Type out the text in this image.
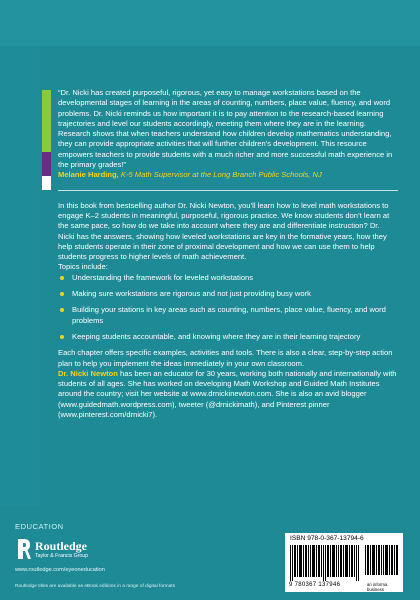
“Dr. Nicki has created purposeful, rigorous, yet easy to manage workstations based on the developmental stages of learning in the areas of counting, numbers, place value, fluency, and word problems. Dr. Nicki reminds us how important it is to pay attention to the research-based learning trajectories and level our students accordingly, meeting them where they are in the learning. Research shows that when teachers understand how children develop mathematics understanding, they can provide appropriate activities that will further children’s development. This resource empowers teachers to provide students with a much richer and more successful math experience in the primary grades!”

Melanie Harding, K-5 Math Supervisor at the Long Branch Public Schools, NJ

In this book from bestselling author Dr. Nicki Newton, you’ll learn how to level math workstations to engage K–2 students in meaningful, purposeful, rigorous practice. We know students don’t learn at the same pace, so how do we take into account where they are and differentiate instruction? Dr. Nicki has the answers, showing how leveled workstations are key in the formative years, how they help students operate in their zone of proximal development and how we can use them to help students progress to higher levels of math achievement.

Topics include:

Understanding the framework for leveled workstations
Making sure workstations are rigorous and not just providing busy work
Building your stations in key areas such as counting, numbers, place value, fluency, and word problems
Keeping students accountable, and knowing where they are in their learning trajectory

Each chapter offers specific examples, activities and tools. There is also a clear, step-by-step action plan to help you implement the ideas immediately in your own classroom.

Dr. Nicki Newton has been an educator for 30 years, working both nationally and internationally with students of all ages. She has worked on developing Math Workshop and Guided Math Institutes around the country; visit her website at www.drnickinewton.com. She is also an avid blogger (www.guidedmath.wordpress.com), tweeter (@drnickimath), and Pinterest pinner (www.pinterest.com/drnicki7).

EDUCATION
Routledge
Taylor & Francis Group
www.routledge.com/eyeoneducation
Routledge titles are available as eBook editions in a range of digital formats
ISBN 978-0-367-13794-6
9 780367 137946	an informa business
